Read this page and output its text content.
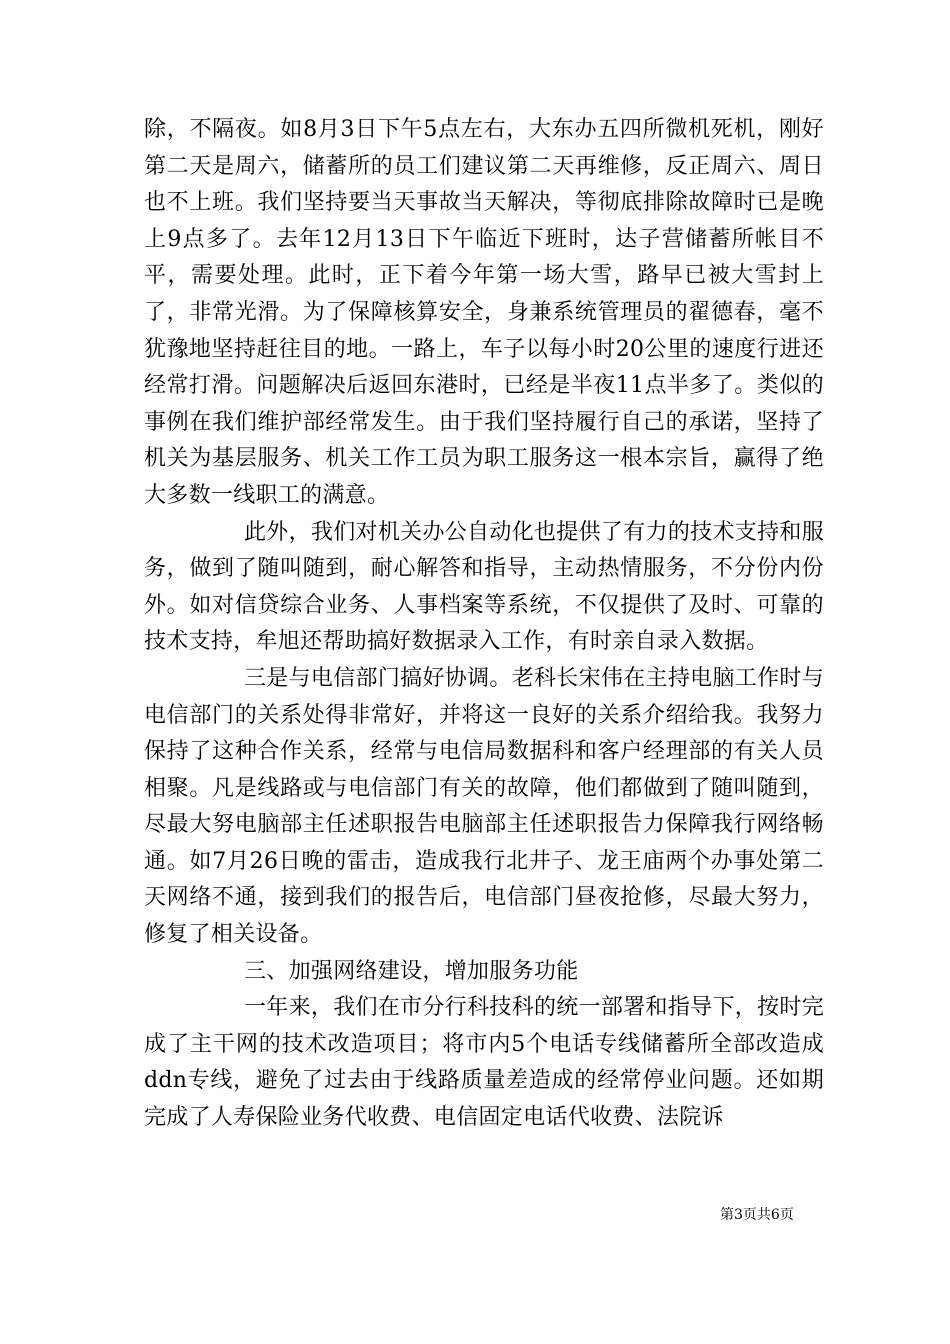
除，不隔夜。如8月3日下午5点左右，大东办五四所微机死机，刚好第二天是周六，储蓄所的员工们建议第二天再维修，反正周六、周日也不上班。我们坚持要当天事故当天解决，等彻底排除故障时已是晚上9点多了。去年12月13日下午临近下班时，达子营储蓄所帐目不平，需要处理。此时，正下着今年第一场大雪，路早已被大雪封上了，非常光滑。为了保障核算安全，身兼系统管理员的翟德春，毫不犹豫地坚持赶往目的地。一路上，车子以每小时20公里的速度行进还经常打滑。问题解决后返回东港时，已经是半夜11点半多了。类似的事例在我们维护部经常发生。由于我们坚持履行自己的承诺，坚持了机关为基层服务、机关工作工员为职工服务这一根本宗旨，赢得了绝大多数一线职工的满意。

此外，我们对机关办公自动化也提供了有力的技术支持和服务，做到了随叫随到，耐心解答和指导，主动热情服务，不分份内份外。如对信贷综合业务、人事档案等系统，不仅提供了及时、可靠的技术支持，牟旭还帮助搞好数据录入工作，有时亲自录入数据。

三是与电信部门搞好协调。老科长宋伟在主持电脑工作时与电信部门的关系处得非常好，并将这一良好的关系介绍给我。我努力保持了这种合作关系，经常与电信局数据科和客户经理部的有关人员相聚。凡是线路或与电信部门有关的故障，他们都做到了随叫随到，尽最大努电脑部主任述职报告电脑部主任述职报告力保障我行网络畅通。如7月26日晚的雷击，造成我行北井子、龙王庙两个办事处第二天网络不通，接到我们的报告后，电信部门昼夜抢修，尽最大努力，修复了相关设备。

三、加强网络建设，增加服务功能

一年来，我们在市分行科技科的统一部署和指导下，按时完成了主干网的技术改造项目；将市内5个电话专线储蓄所全部改造成ddn专线，避免了过去由于线路质量差造成的经常停业问题。还如期完成了人寿保险业务代收费、电信固定电话代收费、法院诉

第3页共6页
